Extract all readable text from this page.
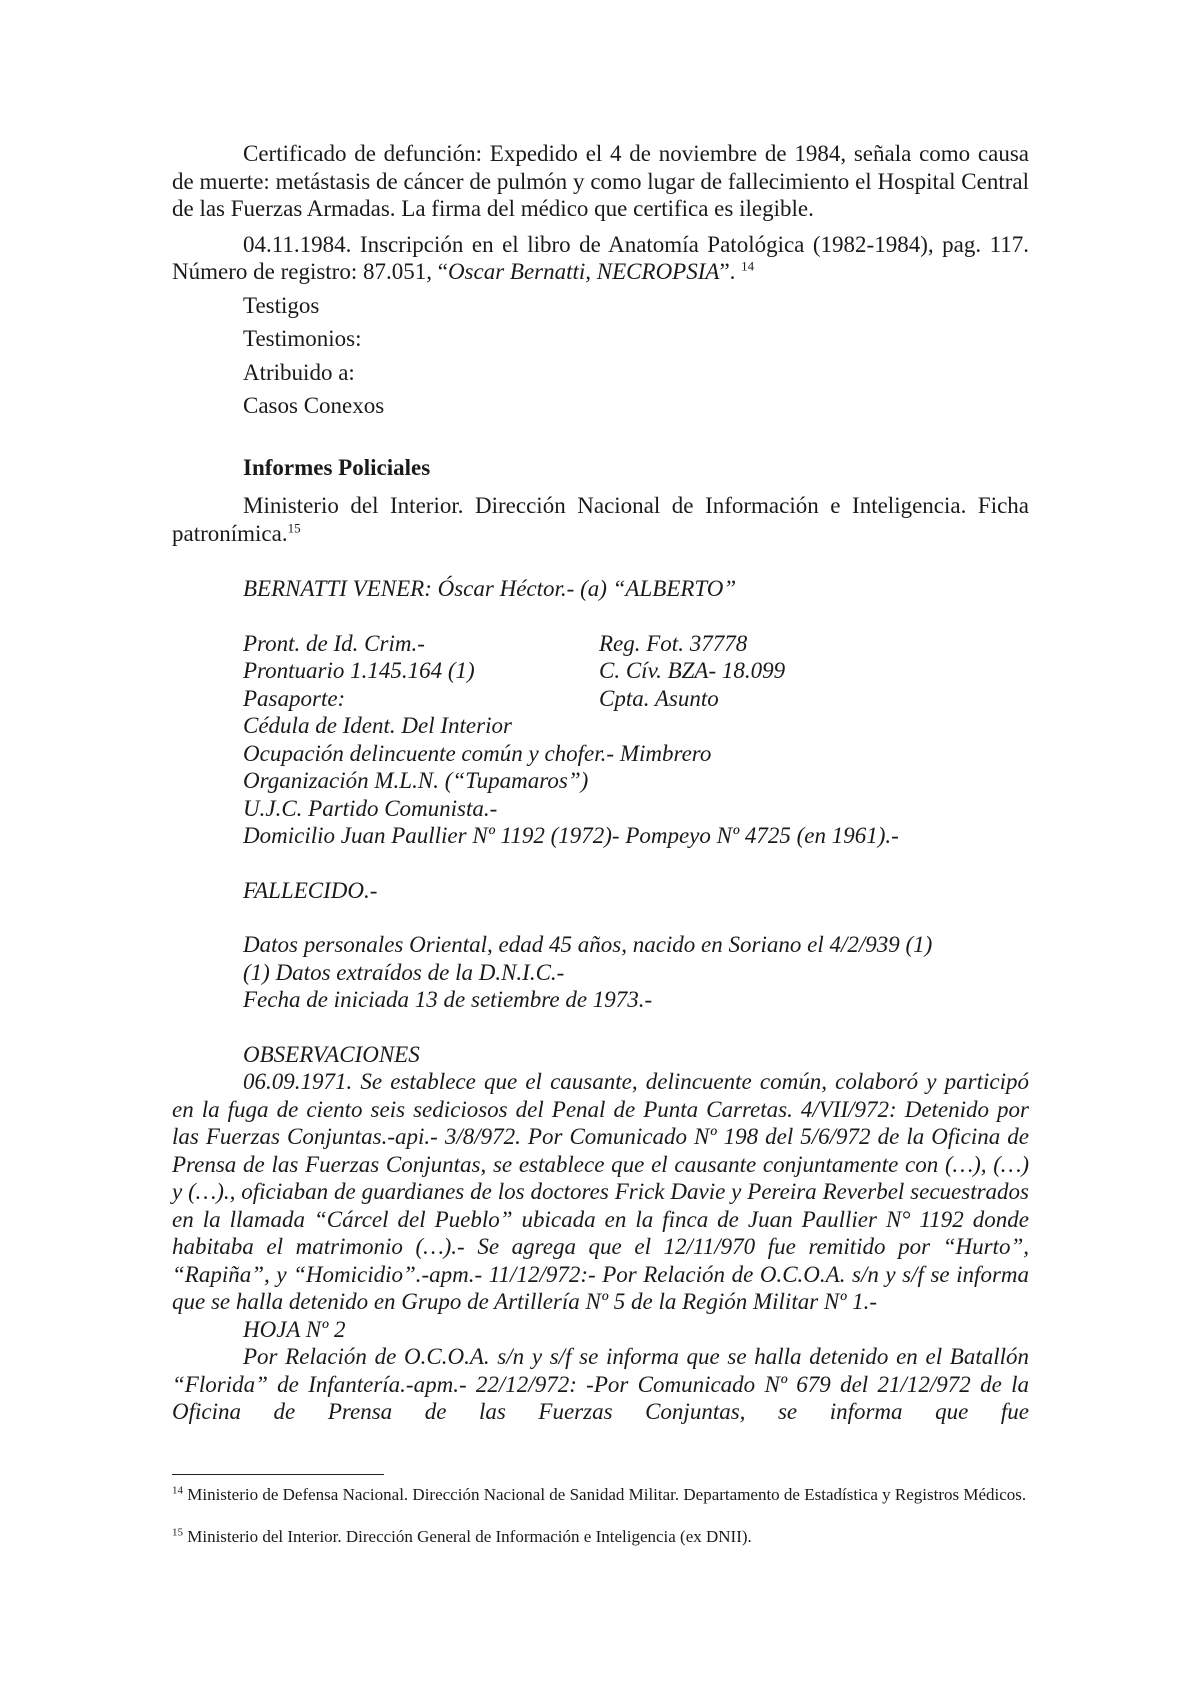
Certificado de defunción: Expedido el 4 de noviembre de 1984, señala como causa de muerte: metástasis de cáncer de pulmón y como lugar de fallecimiento el Hospital Central de las Fuerzas Armadas. La firma del médico que certifica es ilegible.

04.11.1984. Inscripción en el libro de Anatomía Patológica (1982-1984), pag. 117. Número de registro: 87.051, “Oscar Bernatti, NECROPSIA”. $^{14}$

Testigos

Testimonios:

Atribuido a:

Casos Conexos

Informes Policiales

Ministerio del Interior. Dirección Nacional de Información e Inteligencia. Ficha patronímica.$^{15}$

BERNATTI VENER: Óscar Héctor.- (a) “ALBERTO”

Pront. de Id. Crim.-	Reg. Fot. 37778
Prontuario 1.145.164 (1)	C. Cív. BZA- 18.099
Pasaporte:	Cpta. Asunto

Cédula de Ident. Del Interior

Ocupación delincuente común y chofer.- Mimbrero

Organización M.L.N. (“Tupamaros”)

U.J.C. Partido Comunista.-

Domicilio Juan Paullier Nº 1192 (1972)- Pompeyo Nº 4725 (en 1961).-

FALLECIDO.-

Datos personales Oriental, edad 45 años, nacido en Soriano el 4/2/939 (1)

(1) Datos extraídos de la D.N.I.C.-

Fecha de iniciada 13 de setiembre de 1973.-

OBSERVACIONES

06.09.1971. Se establece que el causante, delincuente común, colaboró y participó en la fuga de ciento seis sediciosos del Penal de Punta Carretas. 4/VII/972: Detenido por las Fuerzas Conjuntas.-api.- 3/8/972. Por Comunicado Nº 198 del 5/6/972 de la Oficina de Prensa de las Fuerzas Conjuntas, se establece que el causante conjuntamente con (…), (…) y (…)., oficiaban de guardianes de los doctores Frick Davie y Pereira Reverbel secuestrados en la llamada “Cárcel del Pueblo” ubicada en la finca de Juan Paullier N° 1192 donde habitaba el matrimonio (…).- Se agrega que el 12/11/970 fue remitido por “Hurto”, “Rapiña”, y “Homicidio”.-apm.- 11/12/972:- Por Relación de O.C.O.A. s/n y s/f se informa que se halla detenido en Grupo de Artillería Nº 5 de la Región Militar Nº 1.-

HOJA Nº 2

Por Relación de O.C.O.A. s/n y s/f se informa que se halla detenido en el Batallón “Florida” de Infantería.-apm.- 22/12/972: -Por Comunicado Nº 679 del 21/12/972 de la Oficina de Prensa de las Fuerzas Conjuntas, se informa que fue

$^{14}$ Ministerio de Defensa Nacional. Dirección Nacional de Sanidad Militar. Departamento de Estadística y Registros Médicos.

$^{15}$ Ministerio del Interior. Dirección General de Información e Inteligencia (ex DNII).
